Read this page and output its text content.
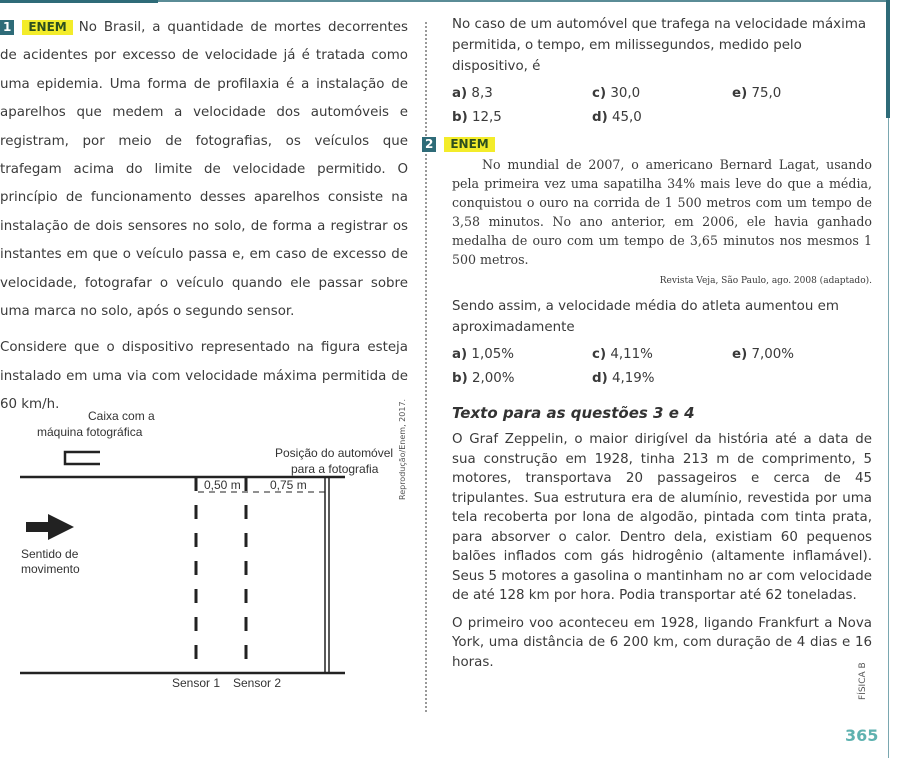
1 ENEM No Brasil, a quantidade de mortes decorrentes de acidentes por excesso de velocidade já é tratada como uma epidemia. Uma forma de profilaxia é a instalação de aparelhos que medem a velocidade dos automóveis e registram, por meio de fotografias, os veículos que trafegam acima do limite de velocidade permitido. O princípio de funcionamento desses aparelhos consiste na instalação de dois sensores no solo, de forma a registrar os instantes em que o veículo passa e, em caso de excesso de velocidade, fotografar o veículo quando ele passar sobre uma marca no solo, após o segundo sensor.
Considere que o dispositivo representado na figura esteja instalado em uma via com velocidade máxima permitida de 60 km/h.
Caixa com a
máquina fotográfica
Posição do automóvel
para a fotografia
0,50 m 0,75 m
Sentido de
movimento
Sensor 1 Sensor 2
Reprodução/Enem, 2017.
No caso de um automóvel que trafega na velocidade máxima permitida, o tempo, em milissegundos, medido pelo dispositivo, é
a) 8,3	c) 30,0	e) 75,0
b) 12,5	d) 45,0
2 ENEM
No mundial de 2007, o americano Bernard Lagat, usando pela primeira vez uma sapatilha 34% mais leve do que a média, conquistou o ouro na corrida de 1 500 metros com um tempo de 3,58 minutos. No ano anterior, em 2006, ele havia ganhado medalha de ouro com um tempo de 3,65 minutos nos mesmos 1 500 metros.
Revista Veja, São Paulo, ago. 2008 (adaptado).
Sendo assim, a velocidade média do atleta aumentou em aproximadamente
a) 1,05%	c) 4,11%	e) 7,00%
b) 2,00%	d) 4,19%
Texto para as questões 3 e 4
O Graf Zeppelin, o maior dirigível da história até a data de sua construção em 1928, tinha 213 m de comprimento, 5 motores, transportava 20 passageiros e cerca de 45 tripulantes. Sua estrutura era de alumínio, revestida por uma tela recoberta por lona de algodão, pintada com tinta prata, para absorver o calor. Dentro dela, existiam 60 pequenos balões inflados com gás hidrogênio (altamente inflamável). Seus 5 motores a gasolina o mantinham no ar com velocidade de até 128 km por hora. Podia transportar até 62 toneladas.
O primeiro voo aconteceu em 1928, ligando Frankfurt a Nova York, uma distância de 6 200 km, com duração de 4 dias e 16 horas.
FÍSICA B
365
